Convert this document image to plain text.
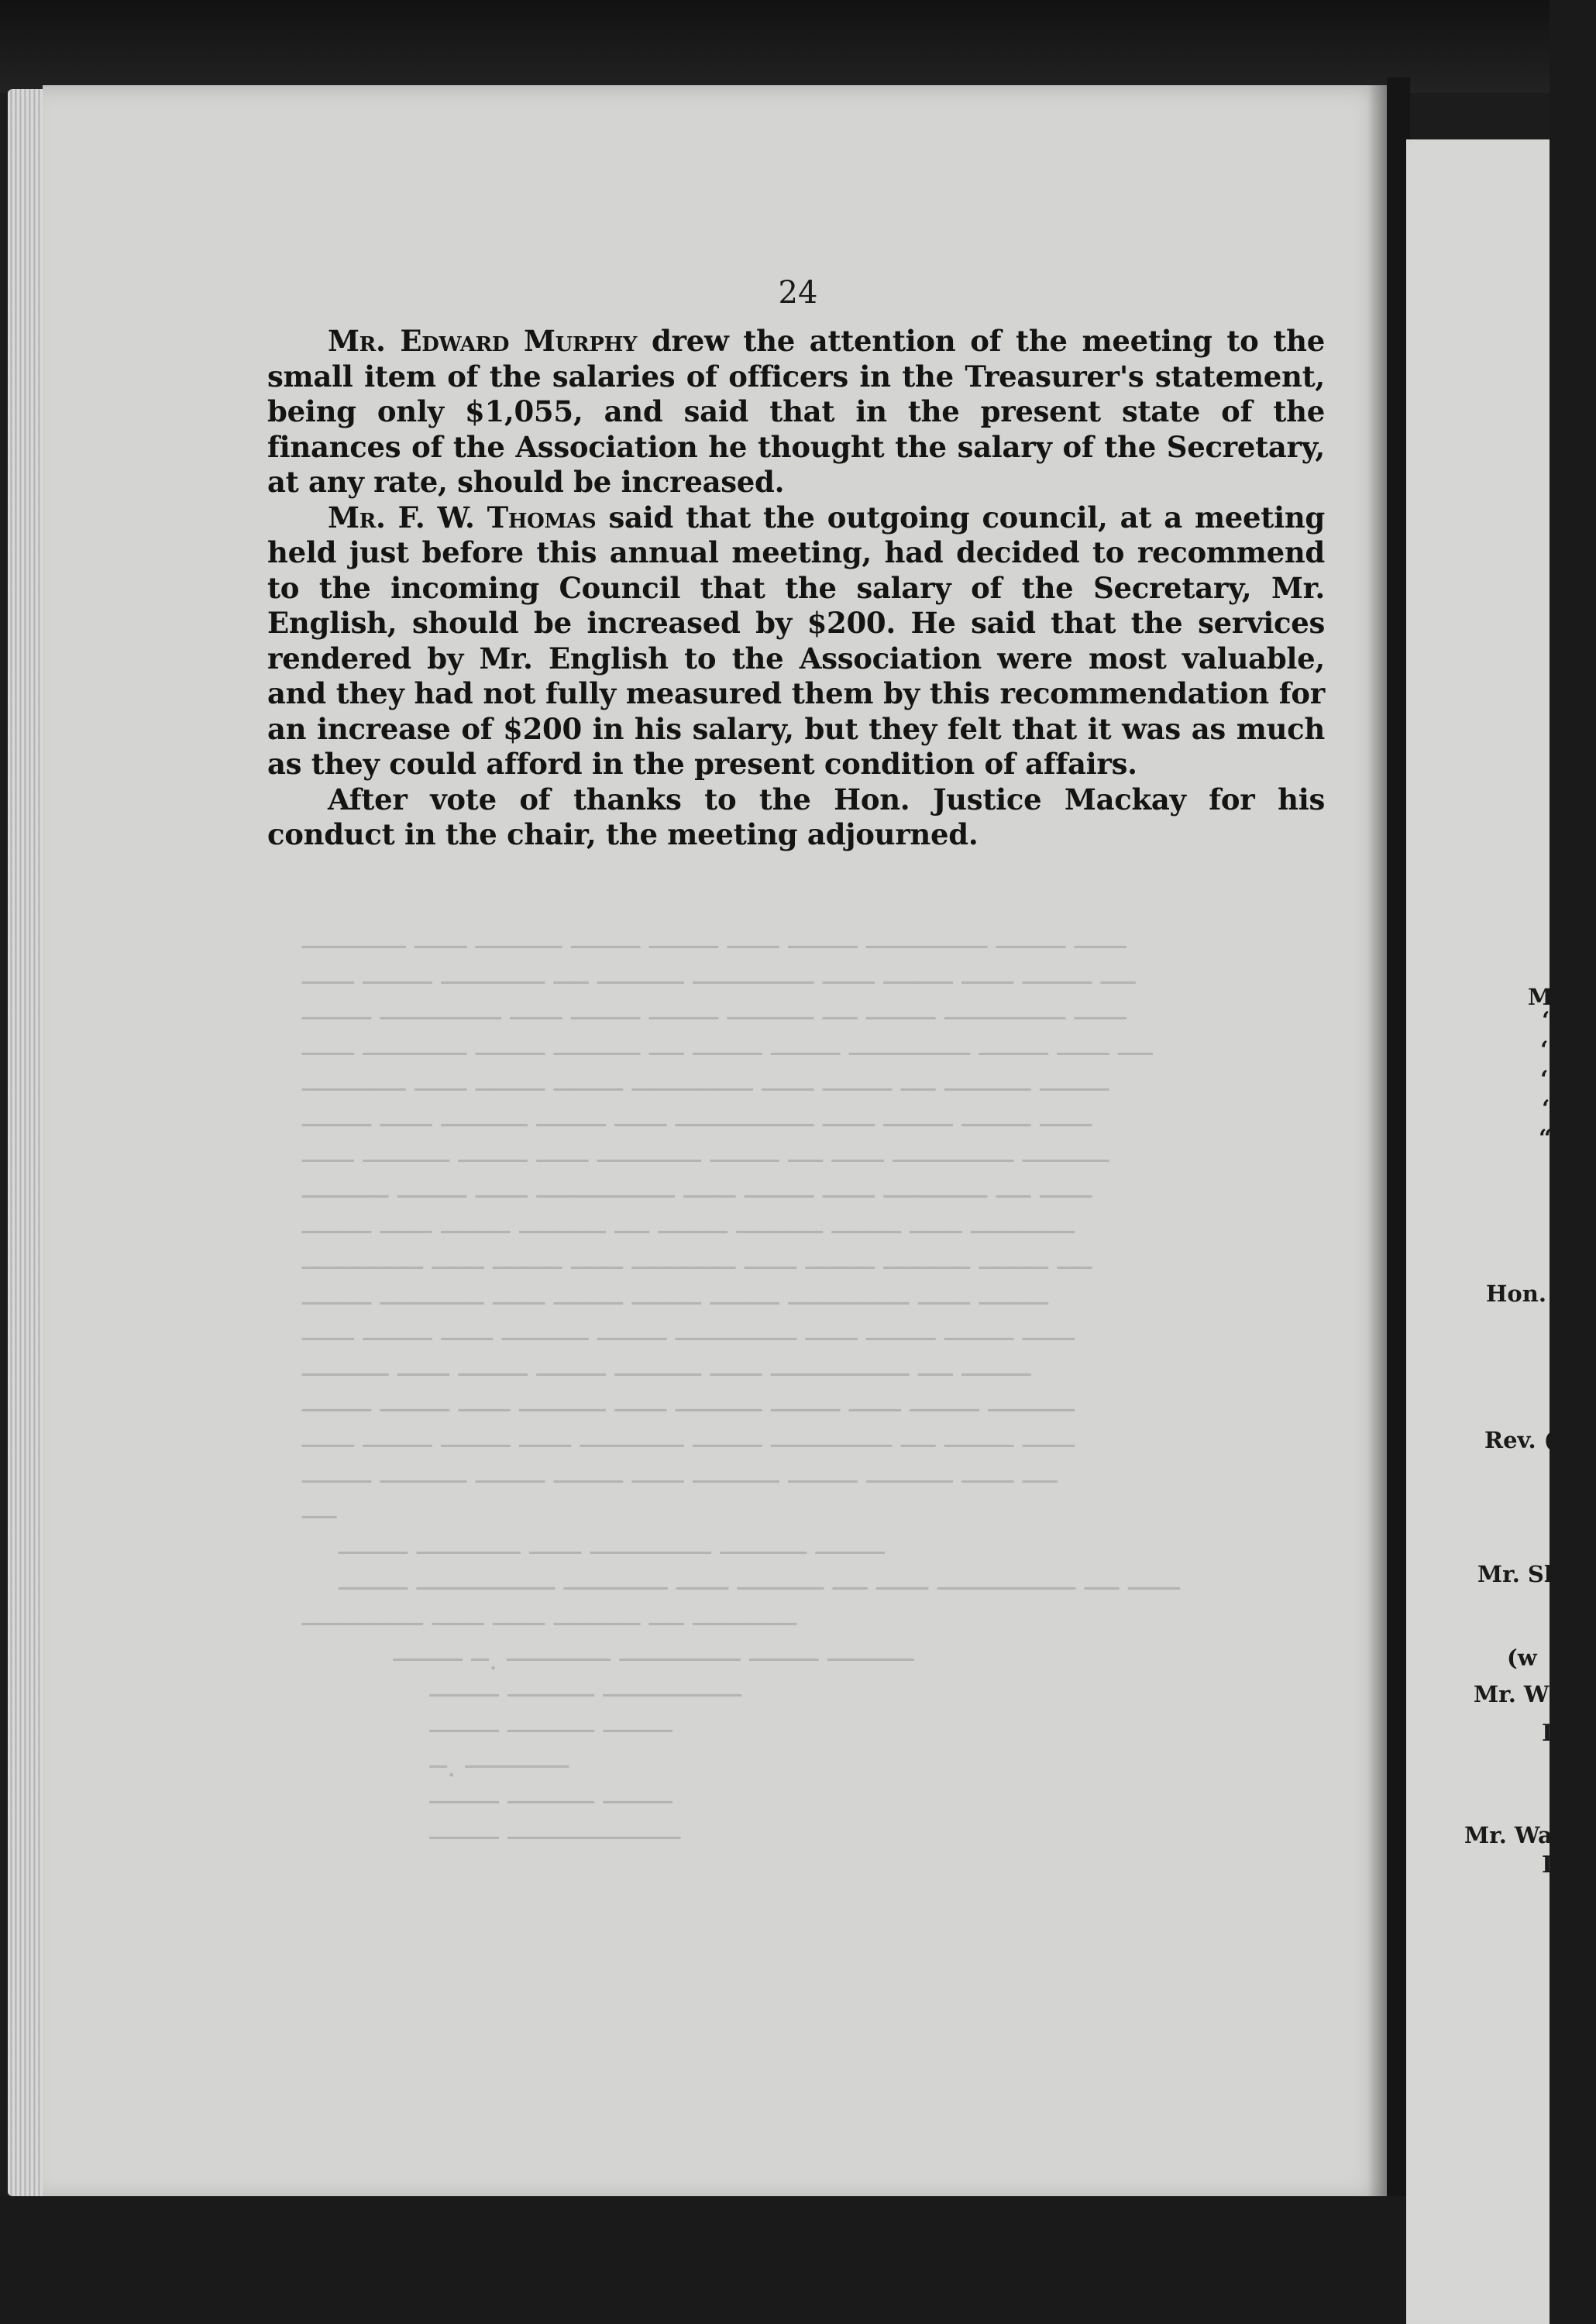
────── ─── ───── ──── ──── ─── ──── ─────── ──── ───
─── ──── ────── ── ───── ─────── ─── ──── ─── ──── ──
──── ─────── ─── ──── ──── ───── ── ──── ─────── ───
─── ────── ──── ───── ── ──── ──── ─────── ──── ─── ──
────── ─── ──── ──── ─────── ─── ──── ── ───── ────
──── ─── ───── ──── ─── ──────── ─── ──── ──── ───
─── ───── ──── ─── ────── ──── ── ─── ─────── ─────
───── ──── ─── ──────── ─── ──── ─── ────── ── ───
──── ─── ──── ───── ── ──── ───── ──── ─── ──────
─────── ─── ──── ─── ────── ─── ──── ───── ──── ──
──── ────── ─── ──── ──── ──── ─────── ─── ────
─── ──── ─── ───── ──── ─────── ─── ──── ──── ───
───── ─── ──── ──── ───── ─── ──────── ── ────
──── ──── ─── ───── ─── ───── ──── ─── ──── ─────
─── ──── ──── ─── ────── ──── ─────── ── ──── ───
──── ───── ──── ──── ─── ───── ──── ───── ─── ──
──
──── ────── ─── ─────── ───── ────
──── ──────── ────── ─── ───── ── ─── ──────── ── ───
─────── ─── ─── ───── ── ──────
──── ─. ────── ─────── ──── ─────
──── ───── ────────
──── ───── ────
─. ──────
──── ───── ────
──── ──────────
24

Mr. Edward Murphy drew the attention of the meeting to the small item of the salaries of officers in the Treasurer's statement, being only $1,055, and said that in the present state of the finances of the Association he thought the salary of the Secretary, at any rate, should be increased.

Mr. F. W. Thomas said that the outgoing council, at a meeting held just before this annual meeting, had decided to recommend to the incoming Council that the salary of the Secretary, Mr. English, should be increased by $200. He said that the services rendered by Mr. English to the Association were most valuable, and they had not fully measured them by this recommendation for an increase of $200 in his salary, but they felt that it was as much as they could afford in the present condition of affairs.

After vote of thanks to the Hon. Justice Mackay for his conduct in the chair, the meeting adjourned.

M
‘
‘
‘
‘
“
Hon.
Rev. (
Mr. Sl
(w
Mr. W
I
Mr. Wa
I
